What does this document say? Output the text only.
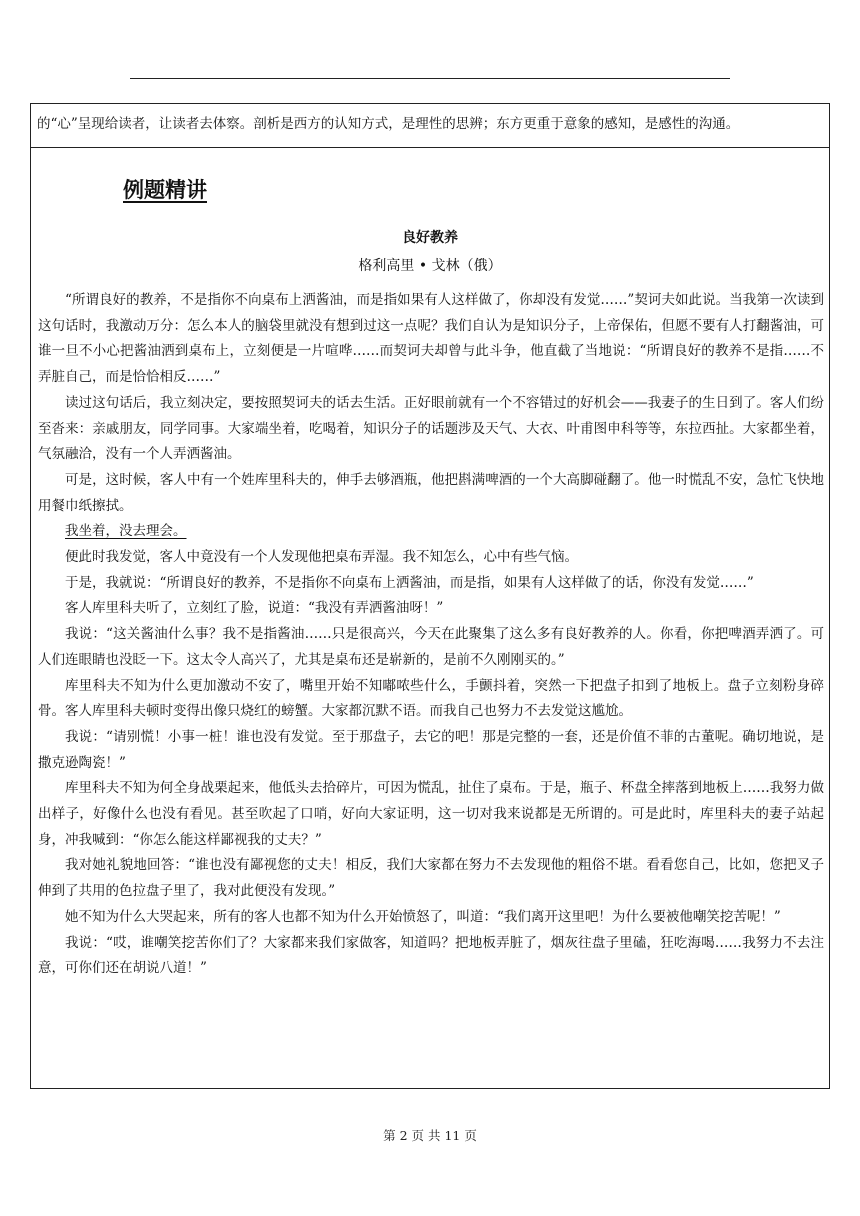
的“心”呈现给读者，让读者去体察。剖析是西方的认知方式，是理性的思辨；东方更重于意象的感知，是感性的沟通。

例题精讲
良好教养
格利高里 • 戈林（俄）

“所谓良好的教养，不是指你不向桌布上洒酱油，而是指如果有人这样做了，你却没有发觉……”契诃夫如此说。当我第一次读到这句话时，我激动万分：怎么本人的脑袋里就没有想到过这一点呢？我们自认为是知识分子，上帝保佑，但愿不要有人打翻酱油，可谁一旦不小心把酱油洒到桌布上，立刻便是一片喧哗……而契诃夫却曾与此斗争，他直截了当地说：“所谓良好的教养不是指……不弄脏自己，而是恰恰相反……”

读过这句话后，我立刻决定，要按照契诃夫的话去生活。正好眼前就有一个不容错过的好机会——我妻子的生日到了。客人们纷至沓来：亲戚朋友，同学同事。大家端坐着，吃喝着，知识分子的话题涉及天气、大衣、叶甫图申科等等，东拉西扯。大家都坐着，气氛融洽，没有一个人弄洒酱油。

可是，这时候，客人中有一个姓库里科夫的，伸手去够酒瓶，他把斟满啤酒的一个大高脚碰翻了。他一时慌乱不安，急忙飞快地用餐巾纸擦拭。

我坐着，没去理会。

便此时我发觉，客人中竟没有一个人发现他把桌布弄湿。我不知怎么，心中有些气恼。

于是，我就说：“所谓良好的教养，不是指你不向桌布上洒酱油，而是指，如果有人这样做了的话，你没有发觉……”

客人库里科夫听了，立刻红了脸，说道：“我没有弄洒酱油呀！”

我说：“这关酱油什么事？我不是指酱油……只是很高兴，今天在此聚集了这么多有良好教养的人。你看，你把啤酒弄洒了。可人们连眼睛也没眨一下。这太令人高兴了，尤其是桌布还是崭新的，是前不久刚刚买的。”

库里科夫不知为什么更加激动不安了，嘴里开始不知嘟哝些什么，手颤抖着，突然一下把盘子扣到了地板上。盘子立刻粉身碎骨。客人库里科夫顿时变得出像只烧红的螃蟹。大家都沉默不语。而我自己也努力不去发觉这尴尬。

我说：“请别慌！小事一桩！谁也没有发觉。至于那盘子，去它的吧！那是完整的一套，还是价值不菲的古董呢。确切地说，是撒克逊陶瓷！”

库里科夫不知为何全身战栗起来，他低头去拾碎片，可因为慌乱，扯住了桌布。于是，瓶子、杯盘全摔落到地板上……我努力做出样子，好像什么也没有看见。甚至吹起了口哨，好向大家证明，这一切对我来说都是无所谓的。可是此时，库里科夫的妻子站起身，冲我喊到：“你怎么能这样鄙视我的丈夫？”

我对她礼貌地回答：“谁也没有鄙视您的丈夫！相反，我们大家都在努力不去发现他的粗俗不堪。看看您自己，比如，您把叉子伸到了共用的色拉盘子里了，我对此便没有发现。”

她不知为什么大哭起来，所有的客人也都不知为什么开始愤怒了，叫道：“我们离开这里吧！为什么要被他嘲笑挖苦呢！”

我说：“哎，谁嘲笑挖苦你们了？大家都来我们家做客，知道吗？把地板弄脏了，烟灰往盘子里磕，狂吃海喝……我努力不去注意，可你们还在胡说八道！”

第 2 页 共 11 页
